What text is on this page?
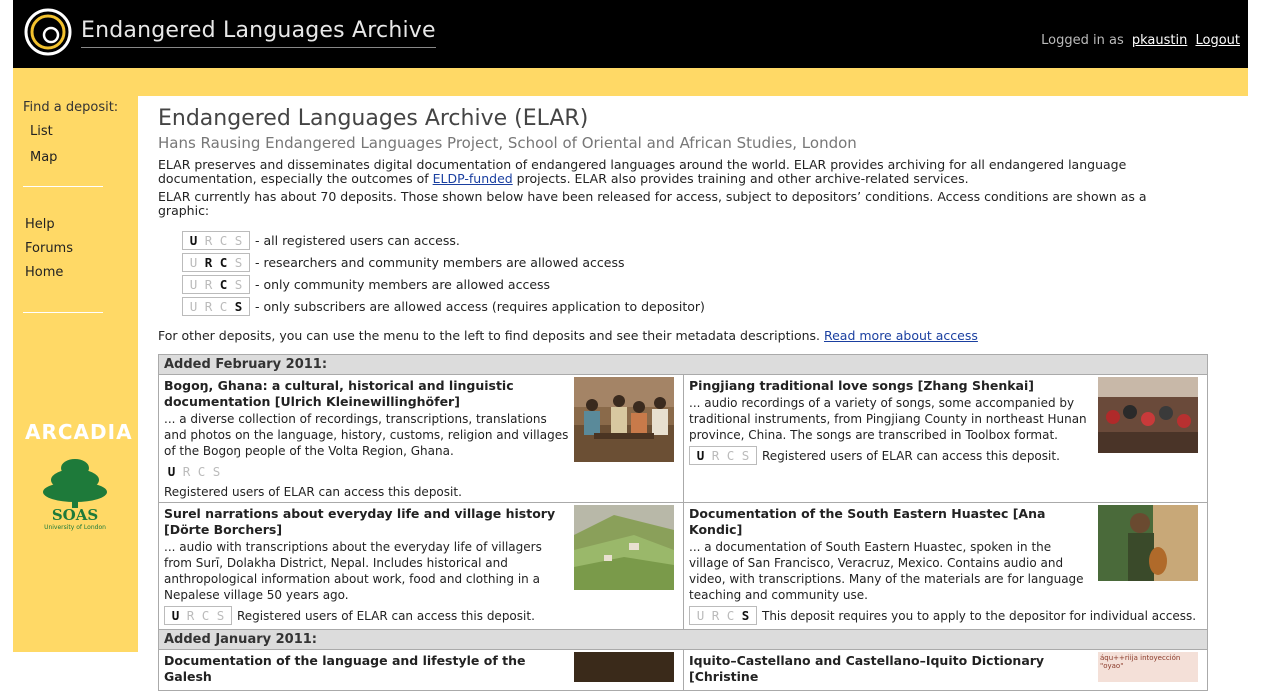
Endangered Languages Archive	Logged in as pkaustin Logout
Find a deposit:
List
Map
Help
Forums
Home
ARCADIA
SOAS
University of London
Endangered Languages Archive (ELAR)
Hans Rausing Endangered Languages Project, School of Oriental and African Studies, London
ELAR preserves and disseminates digital documentation of endangered languages around the world. ELAR provides archiving for all endangered language documentation, especially the outcomes of ELDP-funded projects. ELAR also provides training and other archive-related services.
ELAR currently has about 70 deposits. Those shown below have been released for access, subject to depositors’ conditions. Access conditions are shown as a graphic:
U R C S - all registered users can access.
U R C S - researchers and community members are allowed access
U R C S - only community members are allowed access
U R C S - only subscribers are allowed access (requires application to depositor)
For other deposits, you can use the menu to the left to find deposits and see their metadata descriptions. Read more about access
Added February 2011:
Bogoŋ, Ghana: a cultural, historical and linguistic documentation [Ulrich Kleinewillinghöfer]
... a diverse collection of recordings, transcriptions, translations and photos on the language, history, customs, religion and villages of the Bogoŋ people of the Volta Region, Ghana.
U R C S
Registered users of ELAR can access this deposit.
Pingjiang traditional love songs [Zhang Shenkai]
... audio recordings of a variety of songs, some accompanied by traditional instruments, from Pingjiang County in northeast Hunan province, China. The songs are transcribed in Toolbox format.
U R C S	Registered users of ELAR can access this deposit.
Surel narrations about everyday life and village history [Dörte Borchers]
... audio with transcriptions about the everyday life of villagers from Surī, Dolakha District, Nepal. Includes historical and anthropological information about work, food and clothing in a Nepalese village 50 years ago.
U R C S	Registered users of ELAR can access this deposit.
Documentation of the South Eastern Huastec [Ana Kondic]
... a documentation of South Eastern Huastec, spoken in the village of San Francisco, Veracruz, Mexico. Contains audio and video, with transcriptions. Many of the materials are for language teaching and community use.
U R C S	This deposit requires you to apply to the depositor for individual access.
Added January 2011:
Documentation of the language and lifestyle of the Galesh
Iquito–Castellano and Castellano–Iquito Dictionary [Christine
áqu++riija intoyección "oyao"
